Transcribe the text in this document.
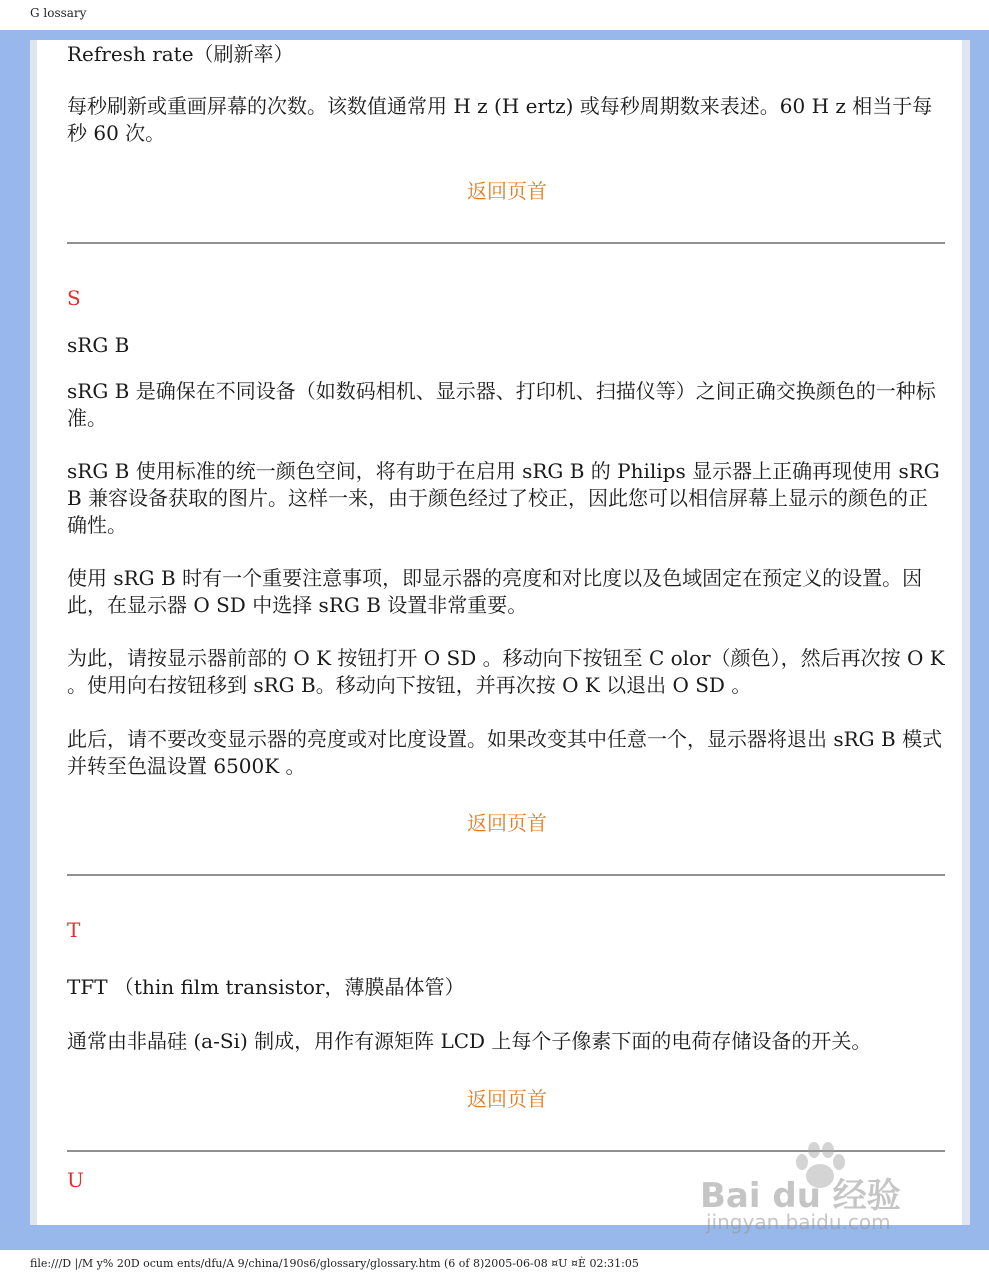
G lossary

Refresh rate（刷新率）

每秒刷新或重画屏幕的次数。该数值通常用 H z (H ertz) 或每秒周期数来表述。60 H z 相当于每秒 60 次。

返回页首
S

sRG B

sRG B 是确保在不同设备（如数码相机、显示器、打印机、扫描仪等）之间正确交换颜色的一种标准。

sRG B 使用标准的统一颜色空间，将有助于在启用 sRG B 的 Philips 显示器上正确再现使用 sRG B 兼容设备获取的图片。这样一来，由于颜色经过了校正，因此您可以相信屏幕上显示的颜色的正确性。

使用 sRG B 时有一个重要注意事项，即显示器的亮度和对比度以及色域固定在预定义的设置。因此，在显示器 O SD 中选择 sRG B 设置非常重要。

为此，请按显示器前部的 O K 按钮打开 O SD 。移动向下按钮至 C olor（颜色），然后再次按 O K 。使用向右按钮移到 sRG B。移动向下按钮，并再次按 O K 以退出 O SD 。

此后，请不要改变显示器的亮度或对比度设置。如果改变其中任意一个，显示器将退出 sRG B 模式并转至色温设置 6500K 。

返回页首
T

TFT （thin film transistor，薄膜晶体管）

通常由非晶硅 (a-Si) 制成，用作有源矩阵 LCD 上每个子像素下面的电荷存储设备的开关。

返回页首
U	Bai du 经验
jingyan.baidu.com
file:///D |/M y% 20D ocum ents/dfu/A 9/china/190s6/glossary/glossary.htm (6 of 8)2005-06-08 ¤U ¤È 02:31:05
